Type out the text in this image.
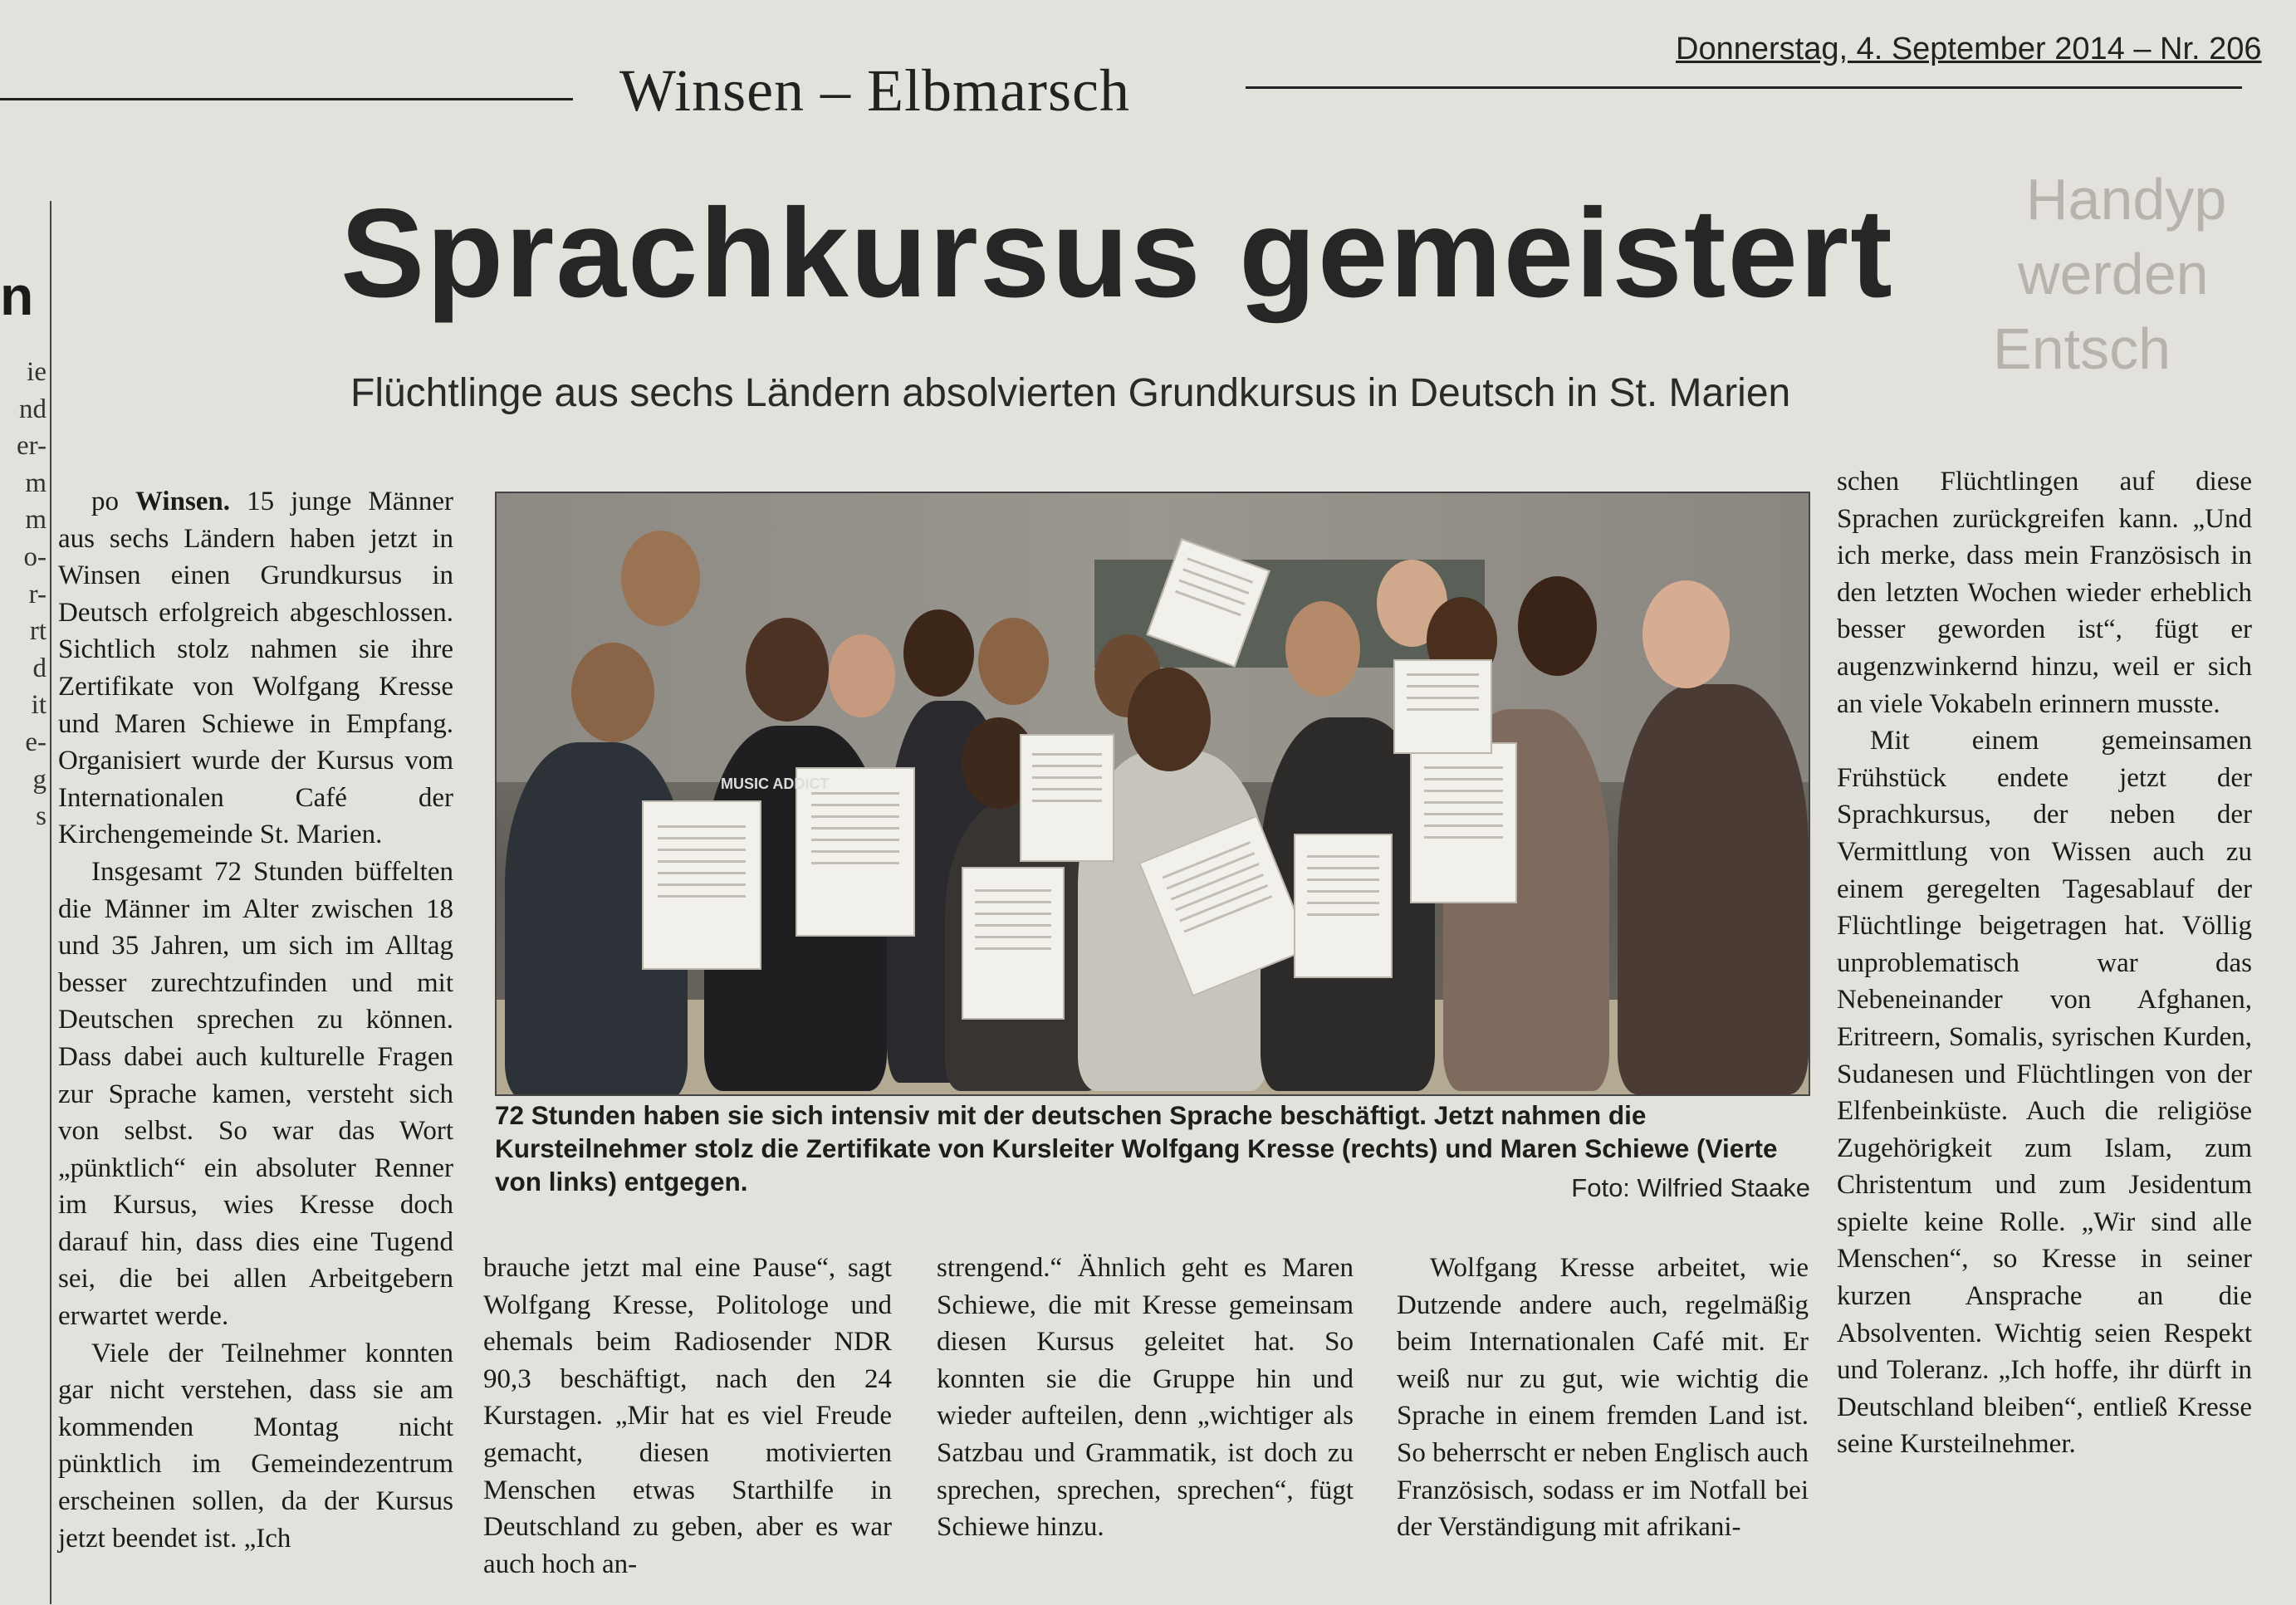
Handyp
werden
Entsch
Winsen – Elbmarsch
Donnerstag, 4. September 2014 – Nr. 206
Sprachkursus gemeistert
Flüchtlinge aus sechs Ländern absolvierten Grundkursus in Deutsch in St. Marien
n
ie
nd
er-
m
m
o-
r-
rt
d
it
e-
g
s

po Winsen. 15 junge Männer aus sechs Ländern haben jetzt in Winsen einen Grundkursus in Deutsch erfolgreich abgeschlossen. Sichtlich stolz nahmen sie ihre Zertifikate von Wolfgang Kresse und Maren Schiewe in Empfang. Organisiert wurde der Kursus vom Internationalen Café der Kirchengemeinde St. Marien.

Insgesamt 72 Stunden büffelten die Männer im Alter zwischen 18 und 35 Jahren, um sich im Alltag besser zurechtzufinden und mit Deutschen sprechen zu können. Dass dabei auch kulturelle Fragen zur Sprache kamen, versteht sich von selbst. So war das Wort „pünktlich“ ein absoluter Renner im Kursus, wies Kresse doch darauf hin, dass dies eine Tugend sei, die bei allen Arbeitgebern erwartet werde.

Viele der Teilnehmer konnten gar nicht verstehen, dass sie am kommenden Montag nicht pünktlich im Gemeindezentrum erscheinen sollen, da der Kursus jetzt beendet ist. „Ich

MUSIC ADDICT
72 Stunden haben sie sich intensiv mit der deutschen Sprache beschäftigt. Jetzt nahmen die Kursteilnehmer stolz die Zertifikate von Kursleiter Wolfgang Kresse (rechts) und Maren Schiewe (Vierte von links) entgegen.	Foto: Wilfried Staake

brauche jetzt mal eine Pause“, sagt Wolfgang Kresse, Politologe und ehemals beim Radiosender NDR 90,3 beschäftigt, nach den 24 Kurstagen. „Mir hat es viel Freude gemacht, diesen motivierten Menschen etwas Starthilfe in Deutschland zu geben, aber es war auch hoch an-

strengend.“ Ähnlich geht es Maren Schiewe, die mit Kresse gemeinsam diesen Kursus geleitet hat. So konnten sie die Gruppe hin und wieder aufteilen, denn „wichtiger als Satzbau und Grammatik, ist doch zu sprechen, sprechen, sprechen“, fügt Schiewe hinzu.

Wolfgang Kresse arbeitet, wie Dutzende andere auch, regelmäßig beim Internationalen Café mit. Er weiß nur zu gut, wie wichtig die Sprache in einem fremden Land ist. So beherrscht er neben Englisch auch Französisch, sodass er im Notfall bei der Verständigung mit afrikani-

schen Flüchtlingen auf diese Sprachen zurückgreifen kann. „Und ich merke, dass mein Französisch in den letzten Wochen wieder erheblich besser geworden ist“, fügt er augenzwinkernd hinzu, weil er sich an viele Vokabeln erinnern musste.

Mit einem gemeinsamen Frühstück endete jetzt der Sprachkursus, der neben der Vermittlung von Wissen auch zu einem geregelten Tagesablauf der Flüchtlinge beigetragen hat. Völlig unproblematisch war das Nebeneinander von Afghanen, Eritreern, Somalis, syrischen Kurden, Sudanesen und Flüchtlingen von der Elfenbeinküste. Auch die religiöse Zugehörigkeit zum Islam, zum Christentum und zum Jesidentum spielte keine Rolle. „Wir sind alle Menschen“, so Kresse in seiner kurzen Ansprache an die Absolventen. Wichtig seien Respekt und Toleranz. „Ich hoffe, ihr dürft in Deutschland bleiben“, entließ Kresse seine Kursteilnehmer.
